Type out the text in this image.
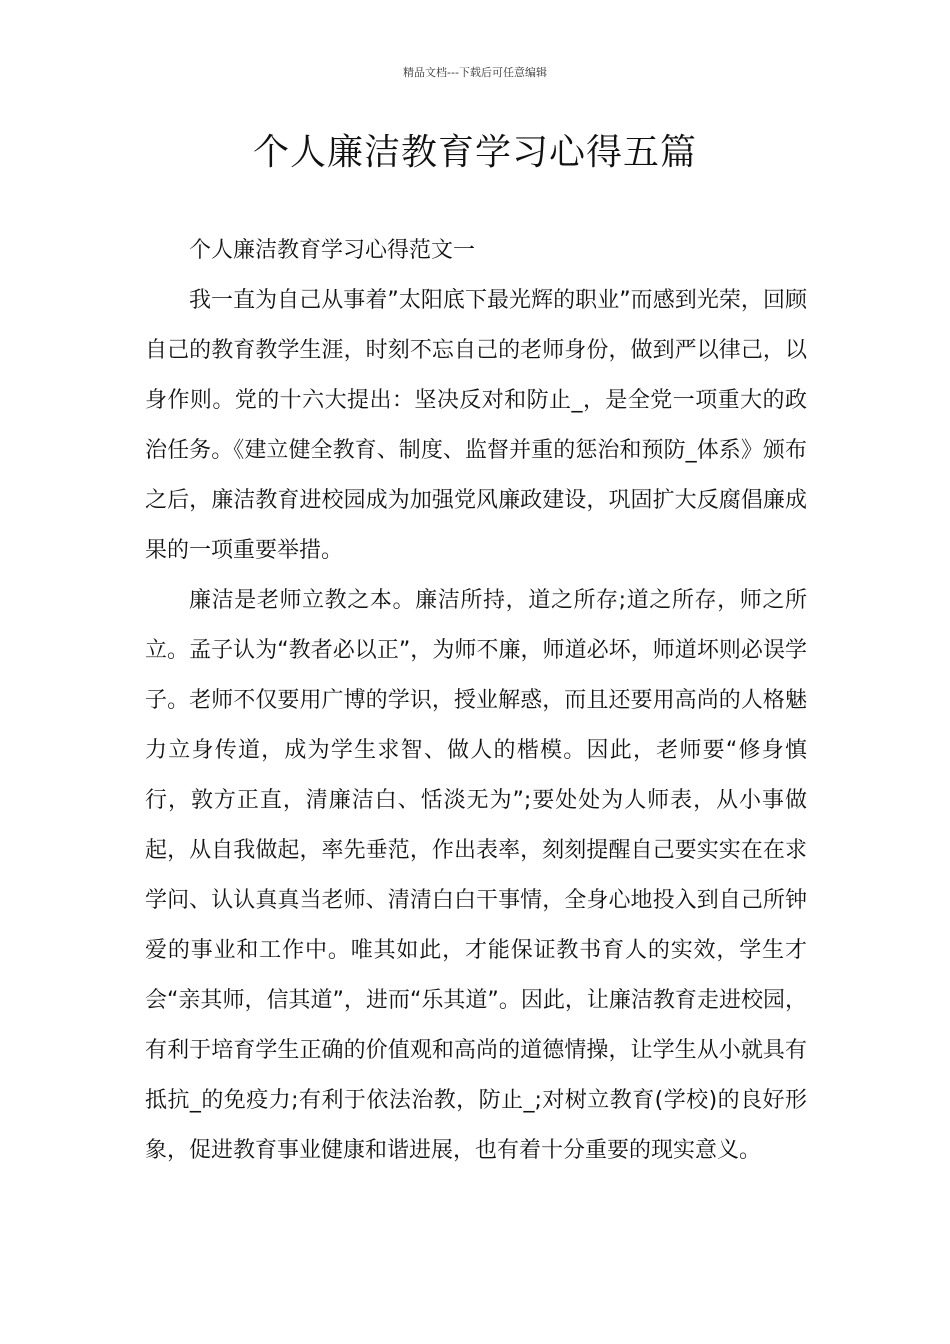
精品文档---下载后可任意编辑
个人廉洁教育学习心得五篇

个人廉洁教育学习心得范文一

我一直为自己从事着”太阳底下最光辉的职业”而感到光荣，回顾自己的教育教学生涯，时刻不忘自己的老师身份，做到严以律己，以身作则。党的十六大提出：坚决反对和防止_，是全党一项重大的政治任务。《建立健全教育、制度、监督并重的惩治和预防_体系》颁布之后，廉洁教育进校园成为加强党风廉政建设，巩固扩大反腐倡廉成果的一项重要举措。

廉洁是老师立教之本。廉洁所持，道之所存;道之所存，师之所立。孟子认为“教者必以正”，为师不廉，师道必坏，师道坏则必误学子。老师不仅要用广博的学识，授业解惑，而且还要用高尚的人格魅力立身传道，成为学生求智、做人的楷模。因此，老师要“修身慎行，敦方正直，清廉洁白、恬淡无为”;要处处为人师表，从小事做起，从自我做起，率先垂范，作出表率，刻刻提醒自己要实实在在求学问、认认真真当老师、清清白白干事情，全身心地投入到自己所钟爱的事业和工作中。唯其如此，才能保证教书育人的实效，学生才会“亲其师，信其道”，进而“乐其道”。因此，让廉洁教育走进校园，有利于培育学生正确的价值观和高尚的道德情操，让学生从小就具有抵抗_的免疫力;有利于依法治教，防止_;对树立教育(学校)的良好形象，促进教育事业健康和谐进展，也有着十分重要的现实意义。
